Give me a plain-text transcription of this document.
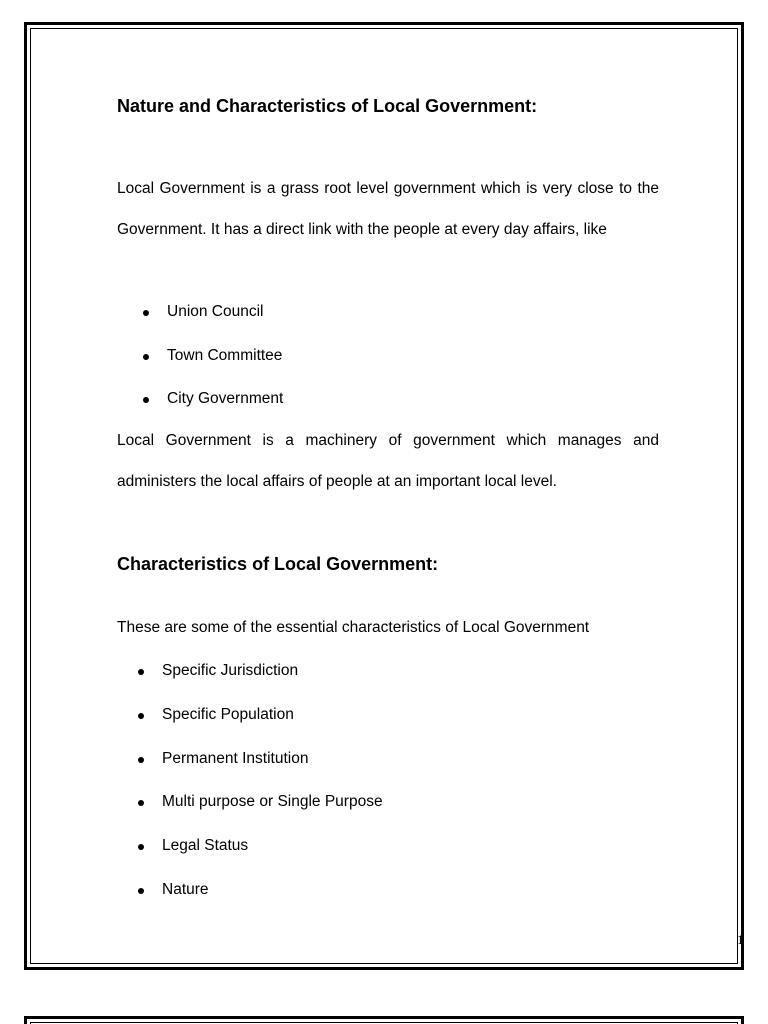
Nature and Characteristics of Local Government:

Local Government is a grass root level government which is very close to the Government. It has a direct link with the people at every day affairs, like

Union Council
Town Committee
City Government

Local Government is a machinery of government which manages and administers the local affairs of people at an important local level.

Characteristics of Local Government:

These are some of the essential characteristics of Local Government

Specific Jurisdiction
Specific Population
Permanent Institution
Multi purpose or Single Purpose
Legal Status
Nature
1
